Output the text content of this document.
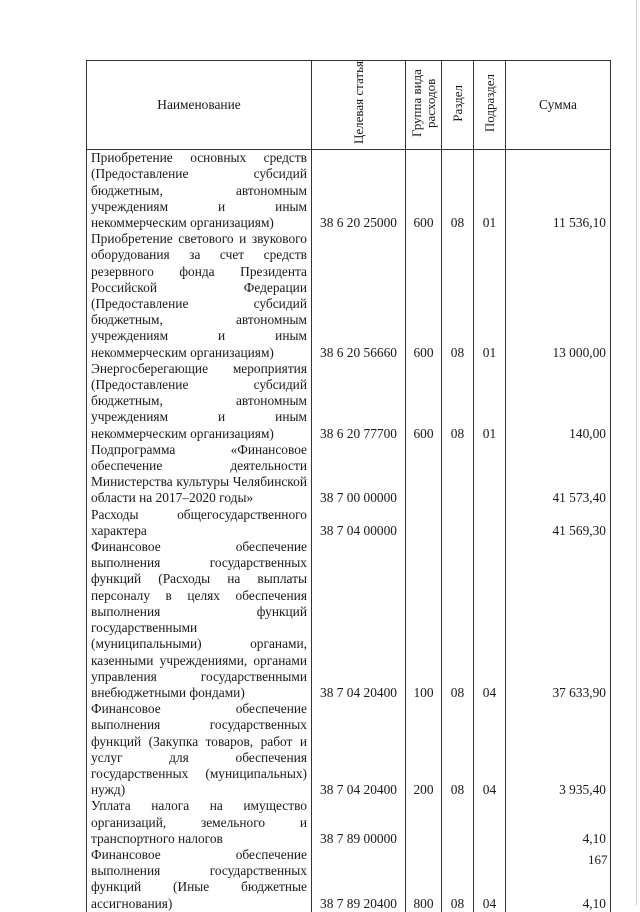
Наименование	Целевая статья	Группа вида расходов	Раздел	Подраздел	Сумма
Приобретение основных средств (Предоставление субсидий бюджетным, автономным учреждениям и иным некоммерческим организациям)	38 6 20 25000	600	08	01	11 536,10
Приобретение светового и звукового оборудования за счет средств резервного фонда Президента Российской Федерации (Предоставление субсидий бюджетным, автономным учреждениям и иным некоммерческим организациям)	38 6 20 56660	600	08	01	13 000,00
Энергосберегающие мероприятия (Предоставление субсидий бюджетным, автономным учреждениям и иным некоммерческим организациям)	38 6 20 77700	600	08	01	140,00
Подпрограмма «Финансовое обеспечение деятельности Министерства культуры Челябинской области на 2017–2020 годы»	38 7 00 00000				41 573,40
Расходы общегосударственного характера	38 7 04 00000				41 569,30
Финансовое обеспечение выполнения государственных функций (Расходы на выплаты персоналу в целях обеспечения выполнения функций государственными (муниципальными) органами, казенными учреждениями, органами управления государственными внебюджетными фондами)	38 7 04 20400	100	08	04	37 633,90
Финансовое обеспечение выполнения государственных функций (Закупка товаров, работ и услуг для обеспечения государственных (муниципальных) нужд)	38 7 04 20400	200	08	04	3 935,40
Уплата налога на имущество организаций, земельного и транспортного налогов	38 7 89 00000				4,10
Финансовое обеспечение выполнения государственных функций (Иные бюджетные ассигнования)	38 7 89 20400	800	08	04	4,10
167
